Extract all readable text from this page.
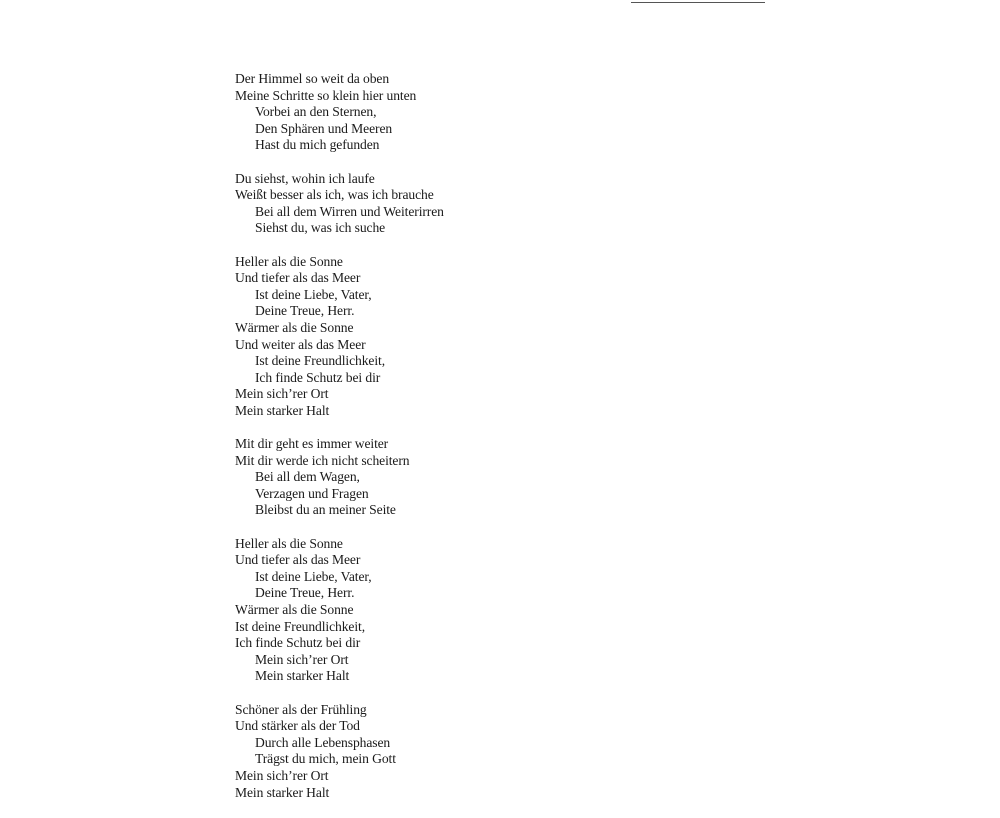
Der Himmel so weit da oben
Meine Schritte so klein hier unten
Vorbei an den Sternen,
Den Sphären und Meeren
Hast du mich gefunden
Du siehst, wohin ich laufe
Weißt besser als ich, was ich brauche
Bei all dem Wirren und Weiterirren
Siehst du, was ich suche
Heller als die Sonne
Und tiefer als das Meer
Ist deine Liebe, Vater,
Deine Treue, Herr.
Wärmer als die Sonne
Und weiter als das Meer
Ist deine Freundlichkeit,
Ich finde Schutz bei dir
Mein sich’rer Ort
Mein starker Halt
Mit dir geht es immer weiter
Mit dir werde ich nicht scheitern
Bei all dem Wagen,
Verzagen und Fragen
Bleibst du an meiner Seite
Heller als die Sonne
Und tiefer als das Meer
Ist deine Liebe, Vater,
Deine Treue, Herr.
Wärmer als die Sonne
Ist deine Freundlichkeit,
Ich finde Schutz bei dir
Mein sich’rer Ort
Mein starker Halt
Schöner als der Frühling
Und stärker als der Tod
Durch alle Lebensphasen
Trägst du mich, mein Gott
Mein sich’rer Ort
Mein starker Halt
